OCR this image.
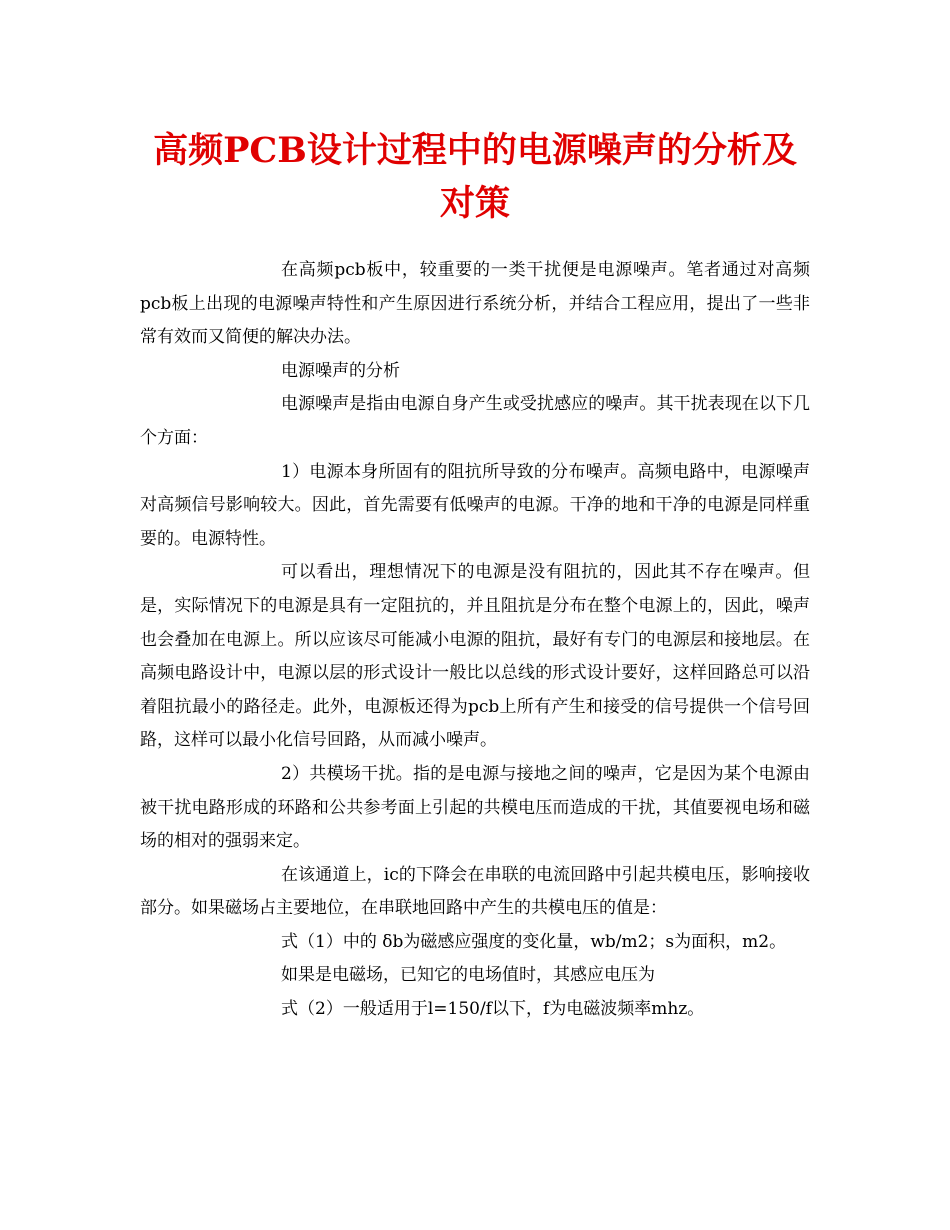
高频PCB设计过程中的电源噪声的分析及对策

在高频pcb板中，较重要的一类干扰便是电源噪声。笔者通过对高频pcb板上出现的电源噪声特性和产生原因进行系统分析，并结合工程应用，提出了一些非常有效而又简便的解决办法。

电源噪声的分析

电源噪声是指由电源自身产生或受扰感应的噪声。其干扰表现在以下几个方面：

1）电源本身所固有的阻抗所导致的分布噪声。高频电路中，电源噪声对高频信号影响较大。因此，首先需要有低噪声的电源。干净的地和干净的电源是同样重要的。电源特性。

可以看出，理想情况下的电源是没有阻抗的，因此其不存在噪声。但是，实际情况下的电源是具有一定阻抗的，并且阻抗是分布在整个电源上的，因此，噪声也会叠加在电源上。所以应该尽可能减小电源的阻抗，最好有专门的电源层和接地层。在高频电路设计中，电源以层的形式设计一般比以总线的形式设计要好，这样回路总可以沿着阻抗最小的路径走。此外，电源板还得为pcb上所有产生和接受的信号提供一个信号回路，这样可以最小化信号回路，从而减小噪声。

2）共模场干扰。指的是电源与接地之间的噪声，它是因为某个电源由被干扰电路形成的环路和公共参考面上引起的共模电压而造成的干扰，其值要视电场和磁场的相对的强弱来定。

在该通道上，ic的下降会在串联的电流回路中引起共模电压，影响接收部分。如果磁场占主要地位，在串联地回路中产生的共模电压的值是：

式（1）中的 δb为磁感应强度的变化量，wb/m2；s为面积，m2。

如果是电磁场，已知它的电场值时，其感应电压为

式（2）一般适用于l=150/f以下，f为电磁波频率mhz。
